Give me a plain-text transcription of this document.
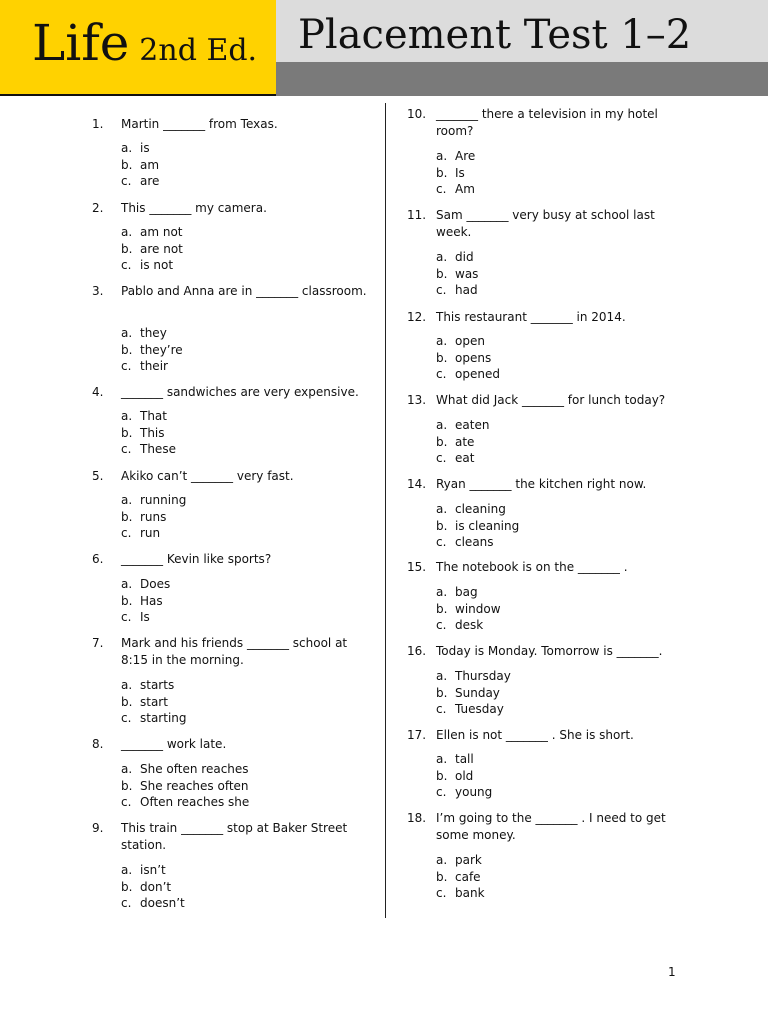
Life 2nd Ed. Placement Test 1–2
1.	Martin _______ from Texas.
a. is
b. am
c. are
2.	This _______ my camera.
a. am not
b. are not
c. is not
3.	Pablo and Anna are in _______ classroom.
a. they
b. they’re
c. their
4.	_______ sandwiches are very expensive.
a. That
b. This
c. These
5.	Akiko can’t _______ very fast.
a. running
b. runs
c. run
6.	_______ Kevin like sports?
a. Does
b. Has
c. Is
7.	Mark and his friends _______ school at 8:15 in the morning.
a. starts
b. start
c. starting
8.	_______ work late.
a. She often reaches
b. She reaches often
c. Often reaches she
9.	This train _______ stop at Baker Street station.
a. isn’t
b. don’t
c. doesn’t
10. _______ there a television in my hotel room?
a. Are
b. Is
c. Am
11. Sam _______ very busy at school last week.
a. did
b. was
c. had
12. This restaurant _______ in 2014.
a. open
b. opens
c. opened
13. What did Jack _______ for lunch today?
a. eaten
b. ate
c. eat
14. Ryan _______ the kitchen right now.
a. cleaning
b. is cleaning
c. cleans
15. The notebook is on the _______ .
a. bag
b. window
c. desk
16. Today is Monday. Tomorrow is _______.
a. Thursday
b. Sunday
c. Tuesday
17. Ellen is not _______ . She is short.
a. tall
b. old
c. young
18. I’m going to the _______ . I need to get some money.
a. park
b. cafe
c. bank
1
